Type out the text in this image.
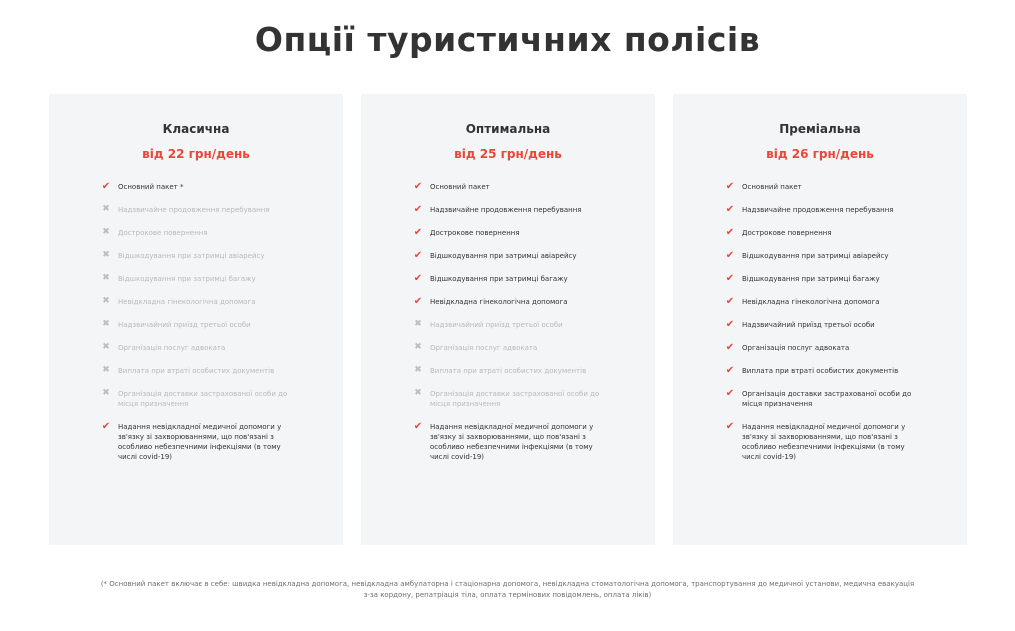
Опції туристичних полісів
Класична
від 22 грн/день
✔ Основний пакет *
✖ Надзвичайне продовження перебування
✖ Дострокове повернення
✖ Відшкодування при затримці авіарейсу
✖ Відшкодування при затримці багажу
✖ Невідкладна гінекологічна допомога
✖ Надзвичайний приїзд третьої особи
✖ Організація послуг адвоката
✖ Виплата при втраті особистих документів
✖ Організація доставки застрахованої особи до місця призначення
✔ Надання невідкладної медичної допомоги у зв'язку зі захворюваннями, що пов'язані з особливо небезпечними інфекціями (в тому числі covid-19)
Оптимальна
від 25 грн/день
✔ Основний пакет
✔ Надзвичайне продовження перебування
✔ Дострокове повернення
✔ Відшкодування при затримці авіарейсу
✔ Відшкодування при затримці багажу
✔ Невідкладна гінекологічна допомога
✖ Надзвичайний приїзд третьої особи
✖ Організація послуг адвоката
✖ Виплата при втраті особистих документів
✖ Організація доставки застрахованої особи до місця призначення
✔ Надання невідкладної медичної допомоги у зв'язку зі захворюваннями, що пов'язані з особливо небезпечними інфекціями (в тому числі covid-19)
Преміальна
від 26 грн/день
✔ Основний пакет
✔ Надзвичайне продовження перебування
✔ Дострокове повернення
✔ Відшкодування при затримці авіарейсу
✔ Відшкодування при затримці багажу
✔ Невідкладна гінекологічна допомога
✔ Надзвичайний приїзд третьої особи
✔ Організація послуг адвоката
✔ Виплата при втраті особистих документів
✔ Організація доставки застрахованої особи до місця призначення
✔ Надання невідкладної медичної допомоги у зв'язку зі захворюваннями, що пов'язані з особливо небезпечними інфекціями (в тому числі covid-19)

(* Основний пакет включає в себе: швидка невідкладна допомога, невідкладна амбулаторна і стаціонарна допомога, невідкладна стоматологічна допомога, транспортування до медичної установи, медична евакуація з-за кордону, репатріація тіла, оплата термінових повідомлень, оплата ліків)
